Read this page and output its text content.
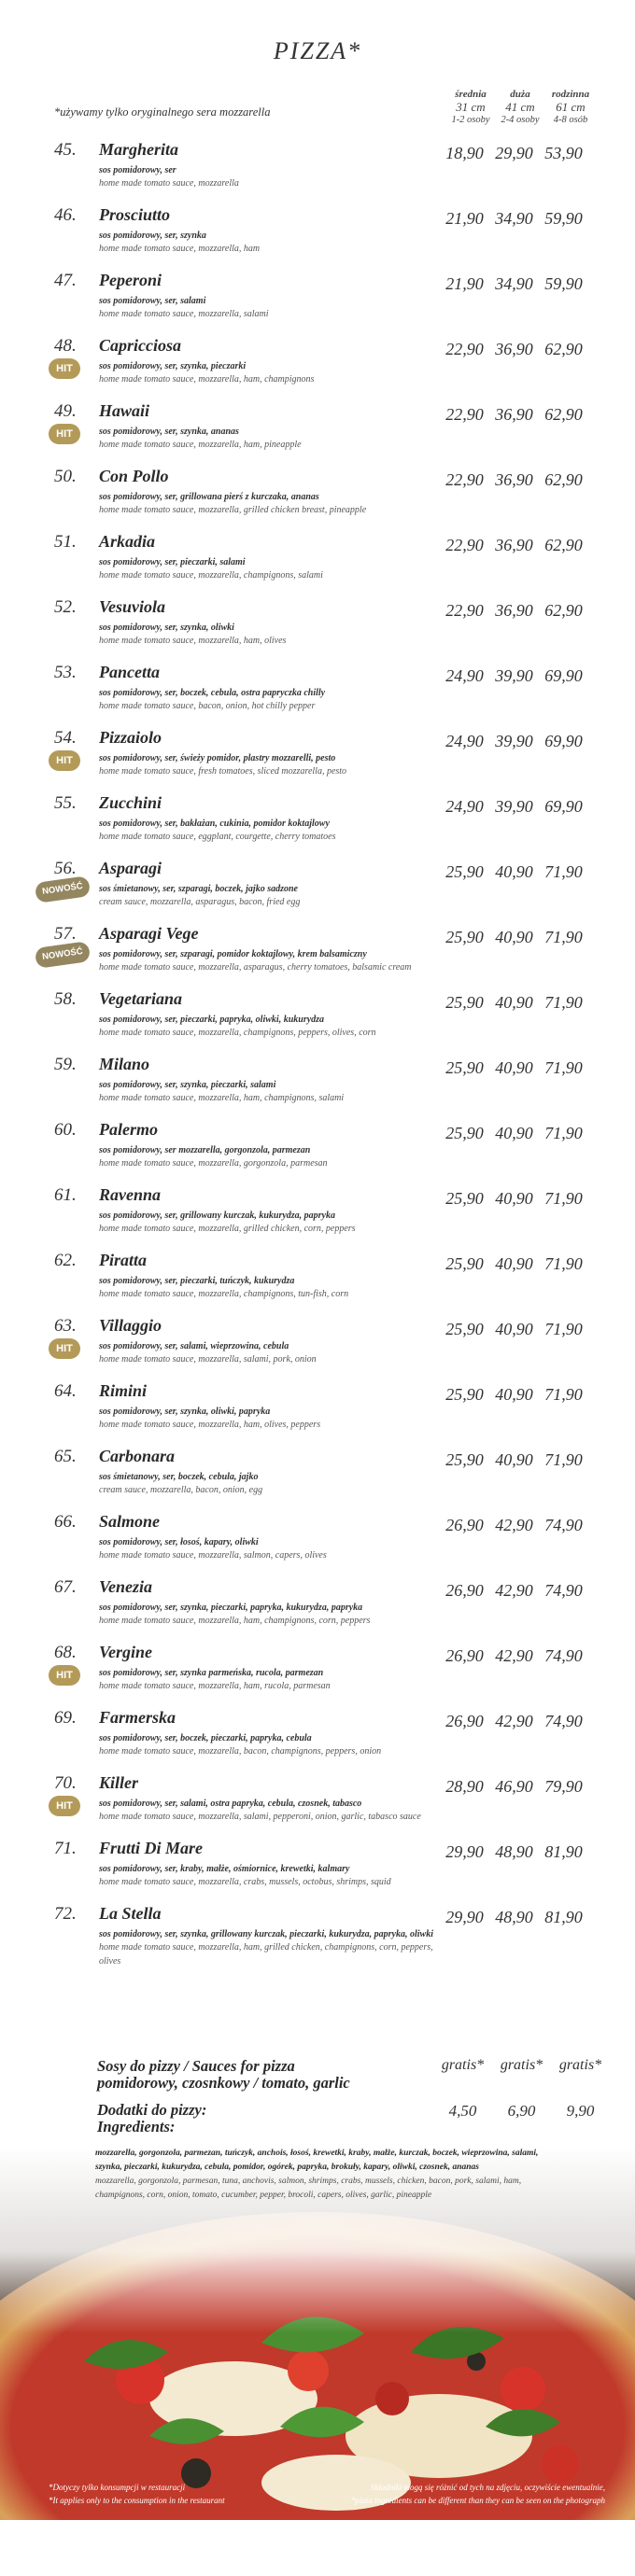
PIZZA*
*używamy tylko oryginalnego sera mozzarella
średnia
31 cm
1-2 osoby
duża
41 cm
2-4 osoby
rodzinna
61 cm
4-8 osób
45. Margherita
sos pomidorowy, ser
home made tomato sauce, mozzarella
18,90 29,90 53,90
46. Prosciutto
sos pomidorowy, ser, szynka
home made tomato sauce, mozzarella, ham
21,90 34,90 59,90
47. Peperoni
sos pomidorowy, ser, salami
home made tomato sauce, mozzarella, salami
21,90 34,90 59,90
48. Capricciosa
sos pomidorowy, ser, szynka, pieczarki
home made tomato sauce, mozzarella, ham, champignons
22,90 36,90 62,90
HIT
49. Hawaii
sos pomidorowy, ser, szynka, ananas
home made tomato sauce, mozzarella, ham, pineapple
22,90 36,90 62,90
HIT
50. Con Pollo
sos pomidorowy, ser, grillowana pierś z kurczaka, ananas
home made tomato sauce, mozzarella, grilled chicken breast, pineapple
22,90 36,90 62,90
51. Arkadia
sos pomidorowy, ser, pieczarki, salami
home made tomato sauce, mozzarella, champignons, salami
22,90 36,90 62,90
52. Vesuviola
sos pomidorowy, ser, szynka, oliwki
home made tomato sauce, mozzarella, ham, olives
22,90 36,90 62,90
53. Pancetta
sos pomidorowy, ser, boczek, cebula, ostra papryczka chilly
home made tomato sauce, bacon, onion, hot chilly pepper
24,90 39,90 69,90
54. Pizzaiolo
sos pomidorowy, ser, świeży pomidor, plastry mozzarelli, pesto
home made tomato sauce, fresh tomatoes, sliced mozzarella, pesto
24,90 39,90 69,90
HIT
55. Zucchini
sos pomidorowy, ser, bakłażan, cukinia, pomidor koktajlowy
home made tomato sauce, eggplant, courgette, cherry tomatoes
24,90 39,90 69,90
56. Asparagi
sos śmietanowy, ser, szparagi, boczek, jajko sadzone
cream sauce, mozzarella, asparagus, bacon, fried egg
25,90 40,90 71,90
NOWOŚĆ
57. Asparagi Vege
sos pomidorowy, ser, szparagi, pomidor koktajlowy, krem balsamiczny
home made tomato sauce, mozzarella, asparagus, cherry tomatoes, balsamic cream
25,90 40,90 71,90
NOWOŚĆ
58. Vegetariana
sos pomidorowy, ser, pieczarki, papryka, oliwki, kukurydza
home made tomato sauce, mozzarella, champignons, peppers, olives, corn
25,90 40,90 71,90
59. Milano
sos pomidorowy, ser, szynka, pieczarki, salami
home made tomato sauce, mozzarella, ham, champignons, salami
25,90 40,90 71,90
60. Palermo
sos pomidorowy, ser mozzarella, gorgonzola, parmezan
home made tomato sauce, mozzarella, gorgonzola, parmesan
25,90 40,90 71,90
61. Ravenna
sos pomidorowy, ser, grillowany kurczak, kukurydza, papryka
home made tomato sauce, mozzarella, grilled chicken, corn, peppers
25,90 40,90 71,90
62. Piratta
sos pomidorowy, ser, pieczarki, tuńczyk, kukurydza
home made tomato sauce, mozzarella, champignons, tun-fish, corn
25,90 40,90 71,90
63. Villaggio
sos pomidorowy, ser, salami, wieprzowina, cebula
home made tomato sauce, mozzarella, salami, pork, onion
25,90 40,90 71,90
HIT
64. Rimini
sos pomidorowy, ser, szynka, oliwki, papryka
home made tomato sauce, mozzarella, ham, olives, peppers
25,90 40,90 71,90
65. Carbonara
sos śmietanowy, ser, boczek, cebula, jajko
cream sauce, mozzarella, bacon, onion, egg
25,90 40,90 71,90
66. Salmone
sos pomidorowy, ser, łosoś, kapary, oliwki
home made tomato sauce, mozzarella, salmon, capers, olives
26,90 42,90 74,90
67. Venezia
sos pomidorowy, ser, szynka, pieczarki, papryka, kukurydza, papryka
home made tomato sauce, mozzarella, ham, champignons, corn, peppers
26,90 42,90 74,90
68. Vergine
sos pomidorowy, ser, szynka parmeńska, rucola, parmezan
home made tomato sauce, mozzarella, ham, rucola, parmesan
26,90 42,90 74,90
HIT
69. Farmerska
sos pomidorowy, ser, boczek, pieczarki, papryka, cebula
home made tomato sauce, mozzarella, bacon, champignons, peppers, onion
26,90 42,90 74,90
70. Killer
sos pomidorowy, ser, salami, ostra papryka, cebula, czosnek, tabasco
home made tomato sauce, mozzarella, salami, pepperoni, onion, garlic, tabasco sauce
28,90 46,90 79,90
HIT
71. Frutti Di Mare
sos pomidorowy, ser, kraby, małże, ośmiornice, krewetki, kalmary
home made tomato sauce, mozzarella, crabs, mussels, octobus, shrimps, squid
29,90 48,90 81,90
72. La Stella
sos pomidorowy, ser, szynka, grillowany kurczak, pieczarki, kukurydza, papryka, oliwki
home made tomato sauce, mozzarella, ham, grilled chicken, champignons, corn, peppers, olives
29,90 48,90 81,90
Sosy do pizzy / Sauces for pizza
pomidorowy, czosnkowy / tomato, garlic
gratis* gratis* gratis*
Dodatki do pizzy:
Ingredients:
4,50 6,90 9,90
mozzarella, gorgonzola, parmezan, tuńczyk, anchois, łosoś, krewetki, kraby, małże, kurczak, boczek, wieprzowina, salami, szynka, pieczarki, kukurydza, cebula, pomidor, ogórek, papryka, brokuły, kapary, oliwki, czosnek, ananas
mozzarella, gorgonzola, parmesan, tuna, anchovis, salmon, shrimps, crabs, mussels, chicken, bacon, pork, salami, ham, champignons, corn, onion, tomato, cucumber, pepper, brocoli, capers, olives, garlic, pineapple
*Dotyczy tylko konsumpcji w restauracji
*It applies only to the consumption in the restaurant
Składniki mogą się różnić od tych na zdjęciu, oczywiście ewentualnie,
*pizza ingredients can be different than they can be seen on the photograph
